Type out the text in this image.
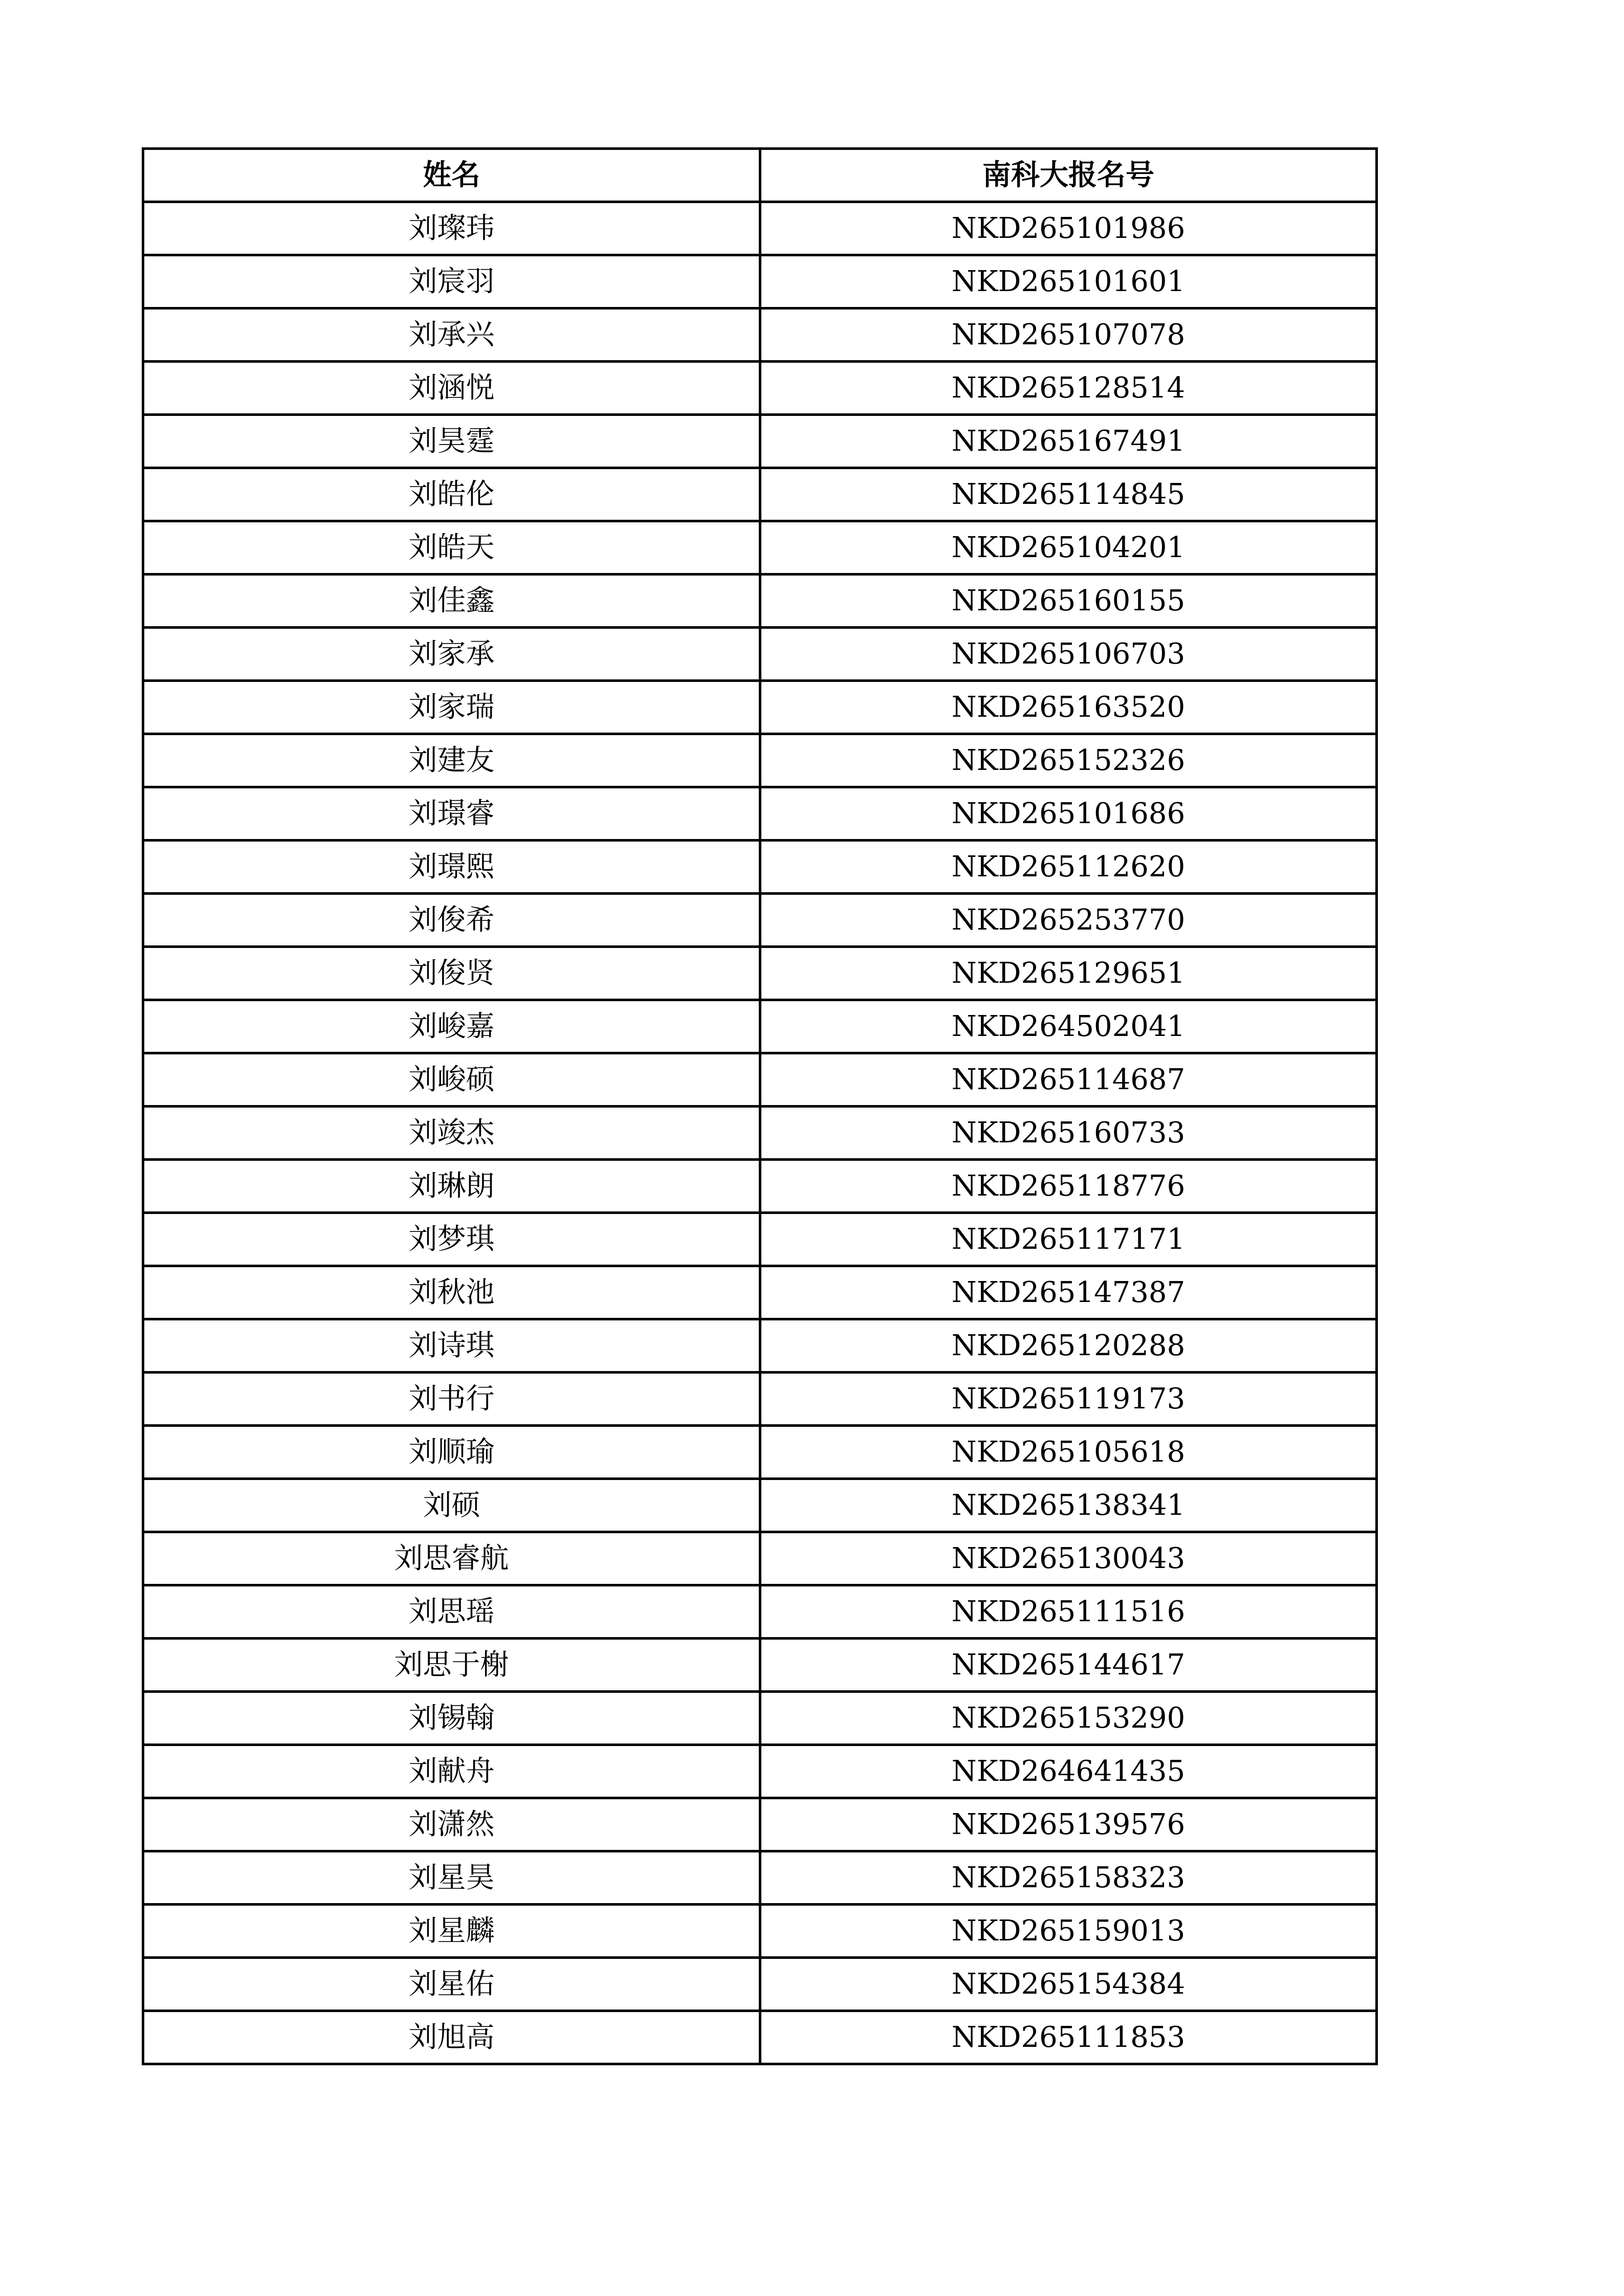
姓名	南科大报名号
刘璨玮	NKD265101986
刘宸羽	NKD265101601
刘承兴	NKD265107078
刘涵悦	NKD265128514
刘昊霆	NKD265167491
刘皓伦	NKD265114845
刘皓天	NKD265104201
刘佳鑫	NKD265160155
刘家承	NKD265106703
刘家瑞	NKD265163520
刘建友	NKD265152326
刘璟睿	NKD265101686
刘璟熙	NKD265112620
刘俊希	NKD265253770
刘俊贤	NKD265129651
刘峻嘉	NKD264502041
刘峻硕	NKD265114687
刘竣杰	NKD265160733
刘琳朗	NKD265118776
刘梦琪	NKD265117171
刘秋池	NKD265147387
刘诗琪	NKD265120288
刘书行	NKD265119173
刘顺瑜	NKD265105618
刘硕	NKD265138341
刘思睿航	NKD265130043
刘思瑶	NKD265111516
刘思于榭	NKD265144617
刘锡翰	NKD265153290
刘献舟	NKD264641435
刘潇然	NKD265139576
刘星昊	NKD265158323
刘星麟	NKD265159013
刘星佑	NKD265154384
刘旭高	NKD265111853
